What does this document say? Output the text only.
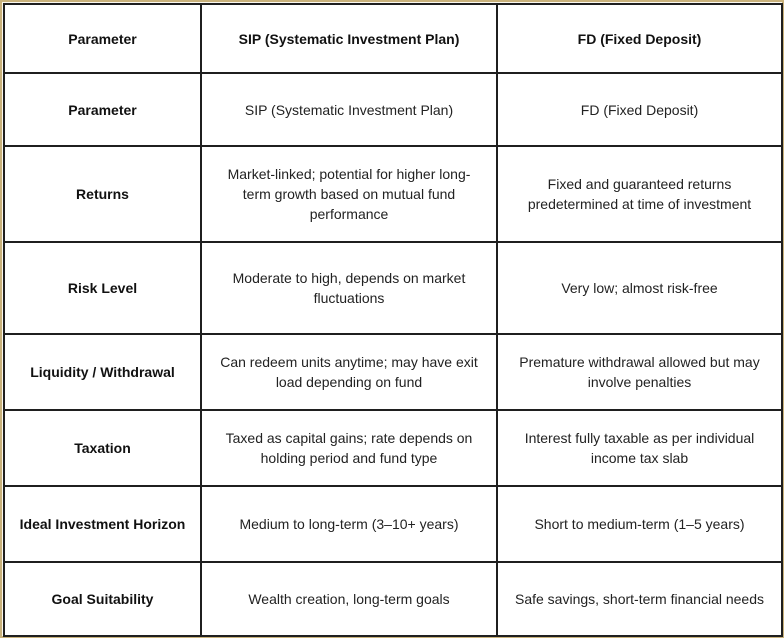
Parameter	SIP (Systematic Investment Plan)	FD (Fixed Deposit)
Parameter	SIP (Systematic Investment Plan)	FD (Fixed Deposit)
Returns	Market-linked; potential for higher long-term growth based on mutual fund performance	Fixed and guaranteed returns predetermined at time of investment
Risk Level	Moderate to high, depends on market fluctuations	Very low; almost risk-free
Liquidity / Withdrawal	Can redeem units anytime; may have exit load depending on fund	Premature withdrawal allowed but may involve penalties
Taxation	Taxed as capital gains; rate depends on holding period and fund type	Interest fully taxable as per individual income tax slab
Ideal Investment Horizon	Medium to long-term (3–10+ years)	Short to medium-term (1–5 years)
Goal Suitability	Wealth creation, long-term goals	Safe savings, short-term financial needs
